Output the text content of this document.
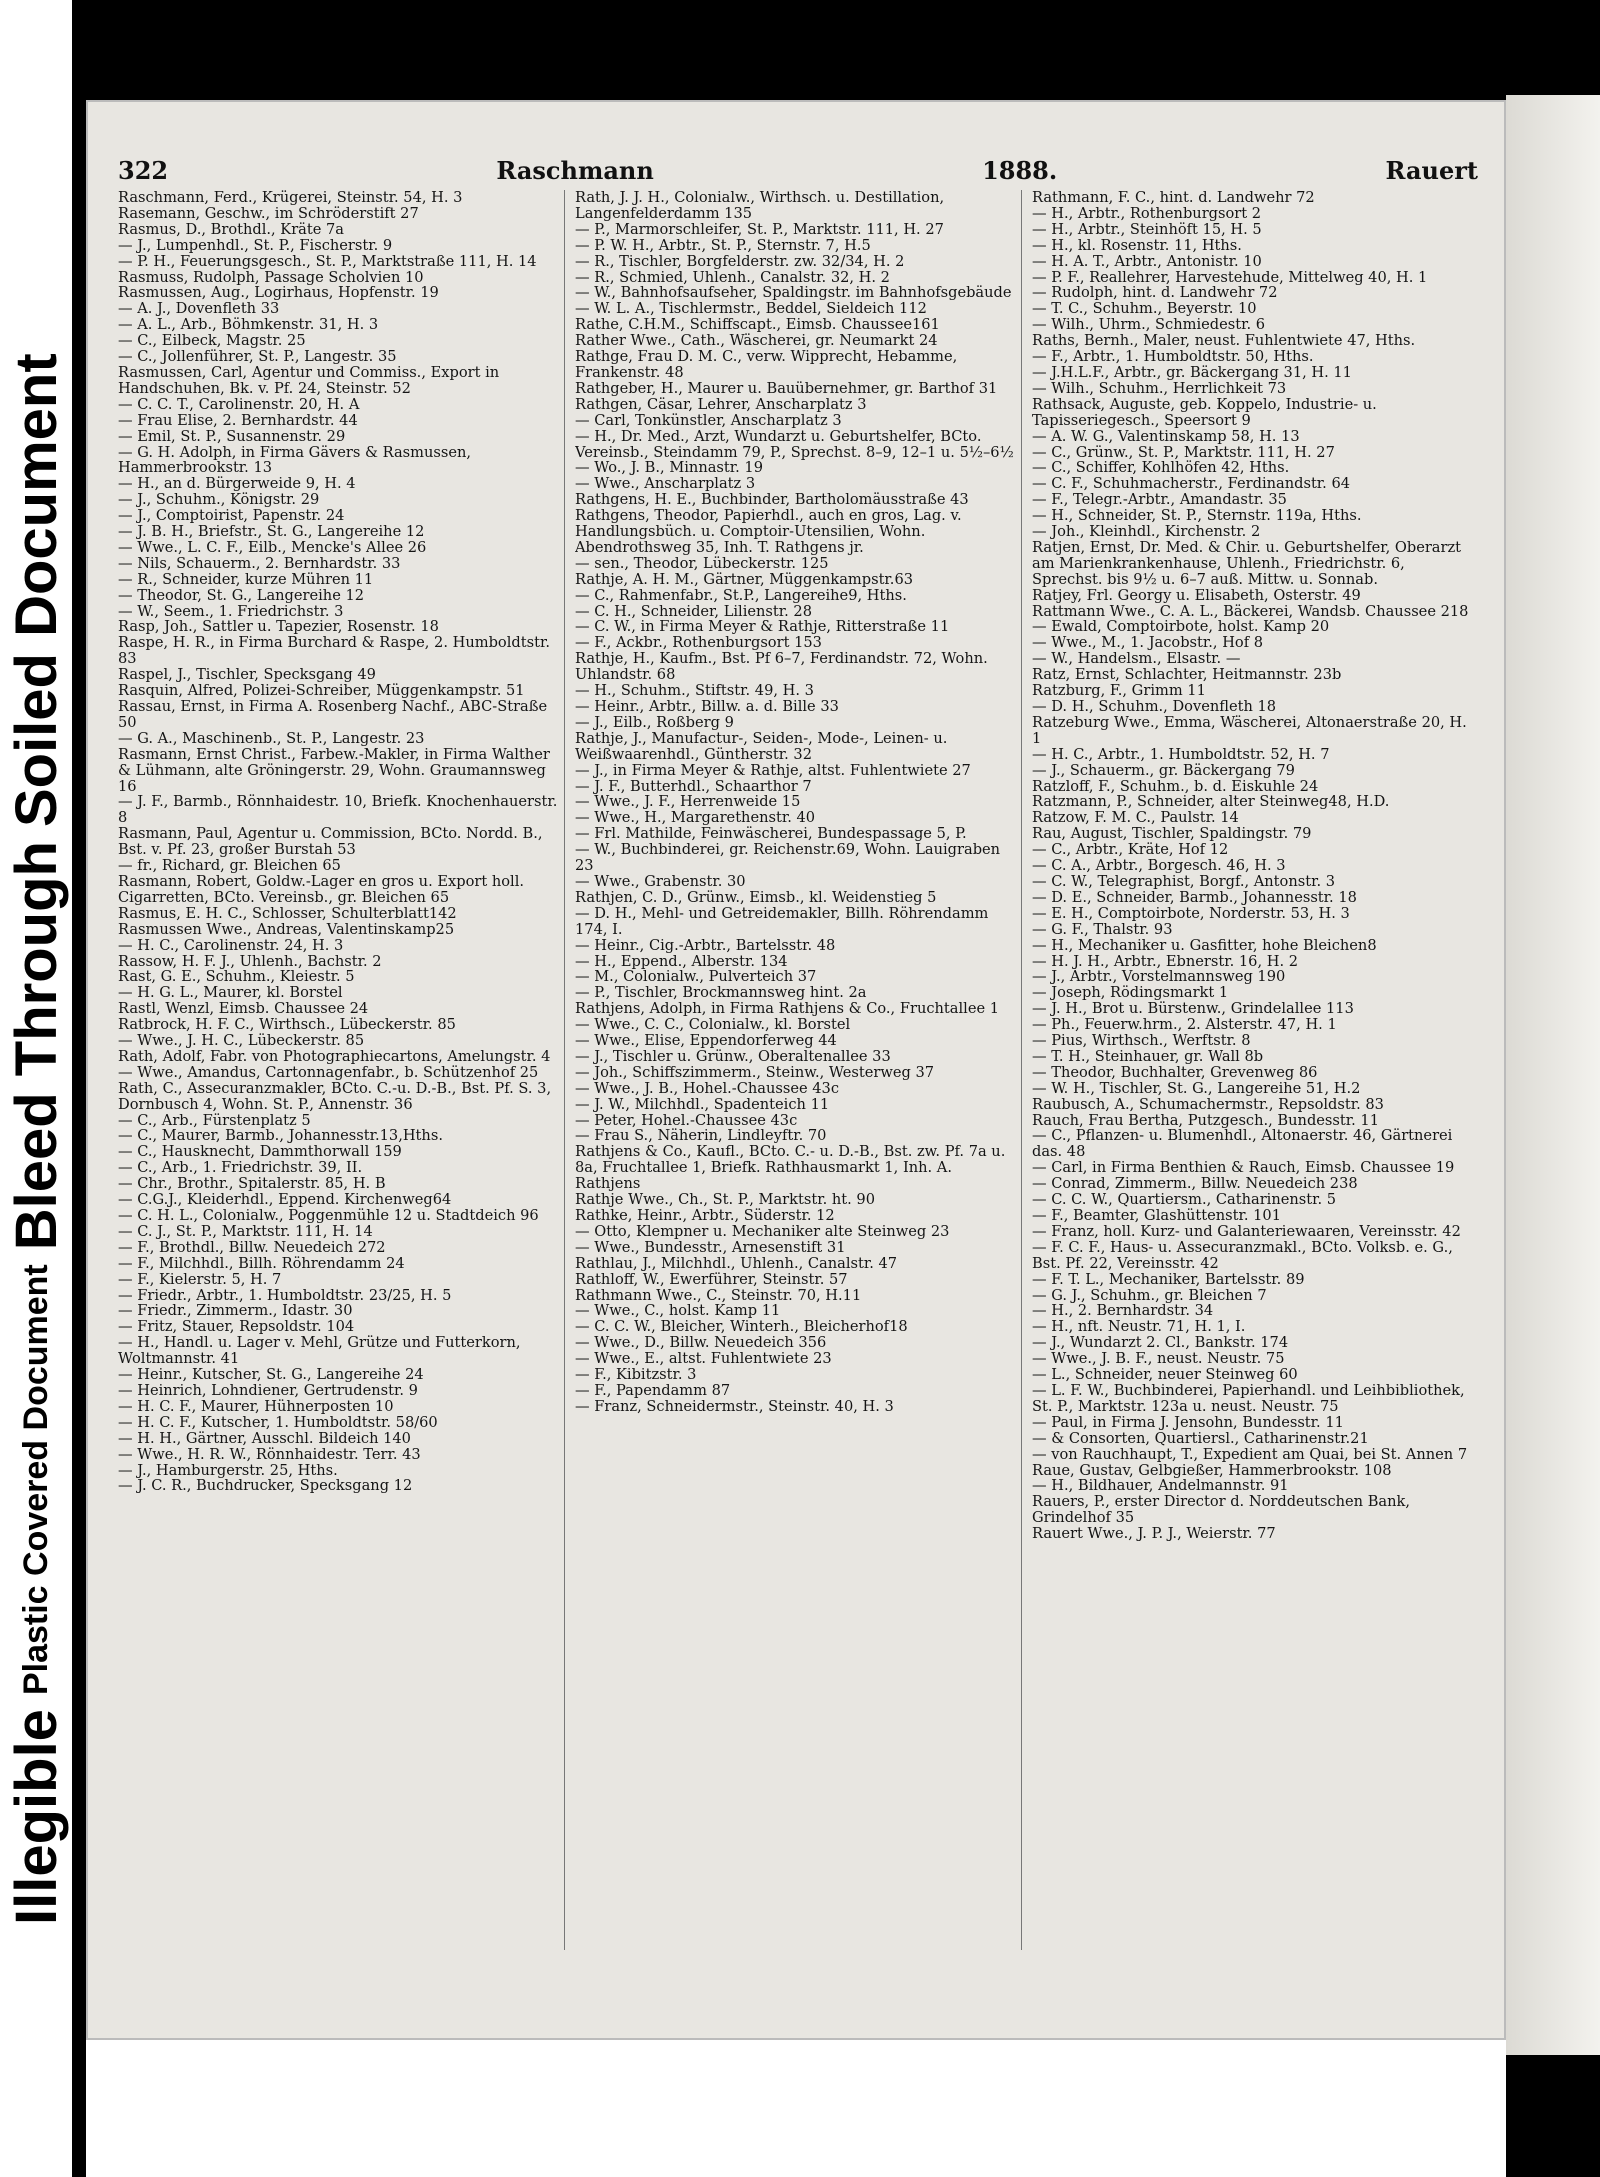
Illegible
Plastic Covered Document
Bleed Through
Soiled Document
322	Raschmann	1888.	Rauert

Raschmann, Ferd., Krügerei, Steinstr. 54, H. 3

Rasemann, Geschw., im Schröderstift 27

Rasmus, D., Brothdl., Kräte 7a

— J., Lumpenhdl., St. P., Fischerstr. 9

— P. H., Feuerungsgesch., St. P., Marktstraße 111, H. 14

Rasmuss, Rudolph, Passage Scholvien 10

Rasmussen, Aug., Logirhaus, Hopfenstr. 19

— A. J., Dovenfleth 33

— A. L., Arb., Böhmkenstr. 31, H. 3

— C., Eilbeck, Magstr. 25

— C., Jollenführer, St. P., Langestr. 35

Rasmussen, Carl, Agentur und Commiss., Export in Handschuhen, Bk. v. Pf. 24, Steinstr. 52

— C. C. T., Carolinenstr. 20, H. A

— Frau Elise, 2. Bernhardstr. 44

— Emil, St. P., Susannenstr. 29

— G. H. Adolph, in Firma Gävers & Rasmussen, Hammerbrookstr. 13

— H., an d. Bürgerweide 9, H. 4

— J., Schuhm., Königstr. 29

— J., Comptoirist, Papenstr. 24

— J. B. H., Briefstr., St. G., Langereihe 12

— Wwe., L. C. F., Eilb., Mencke's Allee 26

— Nils, Schauerm., 2. Bernhardstr. 33

— R., Schneider, kurze Mühren 11

— Theodor, St. G., Langereihe 12

— W., Seem., 1. Friedrichstr. 3

Rasp, Joh., Sattler u. Tapezier, Rosenstr. 18

Raspe, H. R., in Firma Burchard & Raspe, 2. Humboldtstr. 83

Raspel, J., Tischler, Specksgang 49

Rasquin, Alfred, Polizei-Schreiber, Müggenkampstr. 51

Rassau, Ernst, in Firma A. Rosenberg Nachf., ABC-Straße 50

— G. A., Maschinenb., St. P., Langestr. 23

Rasmann, Ernst Christ., Farbew.-Makler, in Firma Walther & Lühmann, alte Gröningerstr. 29, Wohn. Graumannsweg 16

— J. F., Barmb., Rönnhaidestr. 10, Briefk. Knochenhauerstr. 8

Rasmann, Paul, Agentur u. Commission, BCto. Nordd. B., Bst. v. Pf. 23, großer Burstah 53

— fr., Richard, gr. Bleichen 65

Rasmann, Robert, Goldw.-Lager en gros u. Export holl. Cigarretten, BCto. Vereinsb., gr. Bleichen 65

Rasmus, E. H. C., Schlosser, Schulterblatt142

Rasmussen Wwe., Andreas, Valentinskamp25

— H. C., Carolinenstr. 24, H. 3

Rassow, H. F. J., Uhlenh., Bachstr. 2

Rast, G. E., Schuhm., Kleiestr. 5

— H. G. L., Maurer, kl. Borstel

Rastl, Wenzl, Eimsb. Chaussee 24

Ratbrock, H. F. C., Wirthsch., Lübeckerstr. 85

— Wwe., J. H. C., Lübeckerstr. 85

Rath, Adolf, Fabr. von Photographiecartons, Amelungstr. 4

— Wwe., Amandus, Cartonnagenfabr., b. Schützenhof 25

Rath, C., Assecuranzmakler, BCto. C.-u. D.-B., Bst. Pf. S. 3, Dornbusch 4, Wohn. St. P., Annenstr. 36

— C., Arb., Fürstenplatz 5

— C., Maurer, Barmb., Johannesstr.13,Hths.

— C., Hausknecht, Dammthorwall 159

— C., Arb., 1. Friedrichstr. 39, II.

— Chr., Brothr., Spitalerstr. 85, H. B

— C.G.J., Kleiderhdl., Eppend. Kirchenweg64

— C. H. L., Colonialw., Poggenmühle 12 u. Stadtdeich 96

— C. J., St. P., Marktstr. 111, H. 14

— F., Brothdl., Billw. Neuedeich 272

— F., Milchhdl., Billh. Röhrendamm 24

— F., Kielerstr. 5, H. 7

— Friedr., Arbtr., 1. Humboldtstr. 23/25, H. 5

— Friedr., Zimmerm., Idastr. 30

— Fritz, Stauer, Repsoldstr. 104

— H., Handl. u. Lager v. Mehl, Grütze und Futterkorn, Woltmannstr. 41

— Heinr., Kutscher, St. G., Langereihe 24

— Heinrich, Lohndiener, Gertrudenstr. 9

— H. C. F., Maurer, Hühnerposten 10

— H. C. F., Kutscher, 1. Humboldtstr. 58/60

— H. H., Gärtner, Ausschl. Bildeich 140

— Wwe., H. R. W., Rönnhaidestr. Terr. 43

— J., Hamburgerstr. 25, Hths.

— J. C. R., Buchdrucker, Specksgang 12

Rath, J. J. H., Colonialw., Wirthsch. u. Destillation, Langenfelderdamm 135

— P., Marmorschleifer, St. P., Marktstr. 111, H. 27

— P. W. H., Arbtr., St. P., Sternstr. 7, H.5

— R., Tischler, Borgfelderstr. zw. 32/34, H. 2

— R., Schmied, Uhlenh., Canalstr. 32, H. 2

— W., Bahnhofsaufseher, Spaldingstr. im Bahnhofsgebäude

— W. L. A., Tischlermstr., Beddel, Sieldeich 112

Rathe, C.H.M., Schiffscapt., Eimsb. Chaussee161

Rather Wwe., Cath., Wäscherei, gr. Neumarkt 24

Rathge, Frau D. M. C., verw. Wipprecht, Hebamme, Frankenstr. 48

Rathgeber, H., Maurer u. Bauübernehmer, gr. Barthof 31

Rathgen, Cäsar, Lehrer, Anscharplatz 3

— Carl, Tonkünstler, Anscharplatz 3

— H., Dr. Med., Arzt, Wundarzt u. Geburtshelfer, BCto. Vereinsb., Steindamm 79, P., Sprechst. 8–9, 12–1 u. 5½–6½

— Wo., J. B., Minnastr. 19

— Wwe., Anscharplatz 3

Rathgens, H. E., Buchbinder, Bartholomäusstraße 43

Rathgens, Theodor, Papierhdl., auch en gros, Lag. v. Handlungsbüch. u. Comptoir-Utensilien, Wohn. Abendrothsweg 35, Inh. T. Rathgens jr.

— sen., Theodor, Lübeckerstr. 125

Rathje, A. H. M., Gärtner, Müggenkampstr.63

— C., Rahmenfabr., St.P., Langereihe9, Hths.

— C. H., Schneider, Lilienstr. 28

— C. W., in Firma Meyer & Rathje, Ritterstraße 11

— F., Ackbr., Rothenburgsort 153

Rathje, H., Kaufm., Bst. Pf 6–7, Ferdinandstr. 72, Wohn. Uhlandstr. 68

— H., Schuhm., Stiftstr. 49, H. 3

— Heinr., Arbtr., Billw. a. d. Bille 33

— J., Eilb., Roßberg 9

Rathje, J., Manufactur-, Seiden-, Mode-, Leinen- u. Weißwaarenhdl., Güntherstr. 32

— J., in Firma Meyer & Rathje, altst. Fuhlentwiete 27

— J. F., Butterhdl., Schaarthor 7

— Wwe., J. F., Herrenweide 15

— Wwe., H., Margarethenstr. 40

— Frl. Mathilde, Feinwäscherei, Bundespassage 5, P.

— W., Buchbinderei, gr. Reichenstr.69, Wohn. Lauigraben 23

— Wwe., Grabenstr. 30

Rathjen, C. D., Grünw., Eimsb., kl. Weidenstieg 5

— D. H., Mehl- und Getreidemakler, Billh. Röhrendamm 174, I.

— Heinr., Cig.-Arbtr., Bartelsstr. 48

— H., Eppend., Alberstr. 134

— M., Colonialw., Pulverteich 37

— P., Tischler, Brockmannsweg hint. 2a

Rathjens, Adolph, in Firma Rathjens & Co., Fruchtallee 1

— Wwe., C. C., Colonialw., kl. Borstel

— Wwe., Elise, Eppendorferweg 44

— J., Tischler u. Grünw., Oberaltenallee 33

— Joh., Schiffszimmerm., Steinw., Westerweg 37

— Wwe., J. B., Hohel.-Chaussee 43c

— J. W., Milchhdl., Spadenteich 11

— Peter, Hohel.-Chaussee 43c

— Frau S., Näherin, Lindleyftr. 70

Rathjens & Co., Kaufl., BCto. C.- u. D.-B., Bst. zw. Pf. 7a u. 8a, Fruchtallee 1, Briefk. Rathhausmarkt 1, Inh. A. Rathjens

Rathje Wwe., Ch., St. P., Marktstr. ht. 90

Rathke, Heinr., Arbtr., Süderstr. 12

— Otto, Klempner u. Mechaniker alte Steinweg 23

— Wwe., Bundesstr., Arnesenstift 31

Rathlau, J., Milchhdl., Uhlenh., Canalstr. 47

Rathloff, W., Ewerführer, Steinstr. 57

Rathmann Wwe., C., Steinstr. 70, H.11

— Wwe., C., holst. Kamp 11

— C. C. W., Bleicher, Winterh., Bleicherhof18

— Wwe., D., Billw. Neuedeich 356

— Wwe., E., altst. Fuhlentwiete 23

— F., Kibitzstr. 3

— F., Papendamm 87

— Franz, Schneidermstr., Steinstr. 40, H. 3

Rathmann, F. C., hint. d. Landwehr 72

— H., Arbtr., Rothenburgsort 2

— H., Arbtr., Steinhöft 15, H. 5

— H., kl. Rosenstr. 11, Hths.

— H. A. T., Arbtr., Antonistr. 10

— P. F., Reallehrer, Harvestehude, Mittelweg 40, H. 1

— Rudolph, hint. d. Landwehr 72

— T. C., Schuhm., Beyerstr. 10

— Wilh., Uhrm., Schmiedestr. 6

Raths, Bernh., Maler, neust. Fuhlentwiete 47, Hths.

— F., Arbtr., 1. Humboldtstr. 50, Hths.

— J.H.L.F., Arbtr., gr. Bäckergang 31, H. 11

— Wilh., Schuhm., Herrlichkeit 73

Rathsack, Auguste, geb. Koppelo, Industrie- u. Tapisseriegesch., Speersort 9

— A. W. G., Valentinskamp 58, H. 13

— C., Grünw., St. P., Marktstr. 111, H. 27

— C., Schiffer, Kohlhöfen 42, Hths.

— C. F., Schuhmacherstr., Ferdinandstr. 64

— F., Telegr.-Arbtr., Amandastr. 35

— H., Schneider, St. P., Sternstr. 119a, Hths.

— Joh., Kleinhdl., Kirchenstr. 2

Ratjen, Ernst, Dr. Med. & Chir. u. Geburtshelfer, Oberarzt am Marienkrankenhause, Uhlenh., Friedrichstr. 6, Sprechst. bis 9½ u. 6–7 auß. Mittw. u. Sonnab.

Ratjey, Frl. Georgy u. Elisabeth, Osterstr. 49

Rattmann Wwe., C. A. L., Bäckerei, Wandsb. Chaussee 218

— Ewald, Comptoirbote, holst. Kamp 20

— Wwe., M., 1. Jacobstr., Hof 8

— W., Handelsm., Elsastr. —

Ratz, Ernst, Schlachter, Heitmannstr. 23b

Ratzburg, F., Grimm 11

— D. H., Schuhm., Dovenfleth 18

Ratzeburg Wwe., Emma, Wäscherei, Altonaerstraße 20, H. 1

— H. C., Arbtr., 1. Humboldtstr. 52, H. 7

— J., Schauerm., gr. Bäckergang 79

Ratzloff, F., Schuhm., b. d. Eiskuhle 24

Ratzmann, P., Schneider, alter Steinweg48, H.D.

Ratzow, F. M. C., Paulstr. 14

Rau, August, Tischler, Spaldingstr. 79

— C., Arbtr., Kräte, Hof 12

— C. A., Arbtr., Borgesch. 46, H. 3

— C. W., Telegraphist, Borgf., Antonstr. 3

— D. E., Schneider, Barmb., Johannesstr. 18

— E. H., Comptoirbote, Norderstr. 53, H. 3

— G. F., Thalstr. 93

— H., Mechaniker u. Gasfitter, hohe Bleichen8

— H. J. H., Arbtr., Ebnerstr. 16, H. 2

— J., Arbtr., Vorstelmannsweg 190

— Joseph, Rödingsmarkt 1

— J. H., Brot u. Bürstenw., Grindelallee 113

— Ph., Feuerw.hrm., 2. Alsterstr. 47, H. 1

— Pius, Wirthsch., Werftstr. 8

— T. H., Steinhauer, gr. Wall 8b

— Theodor, Buchhalter, Grevenweg 86

— W. H., Tischler, St. G., Langereihe 51, H.2

Raubusch, A., Schumachermstr., Repsoldstr. 83

Rauch, Frau Bertha, Putzgesch., Bundesstr. 11

— C., Pflanzen- u. Blumenhdl., Altonaerstr. 46, Gärtnerei das. 48

— Carl, in Firma Benthien & Rauch, Eimsb. Chaussee 19

— Conrad, Zimmerm., Billw. Neuedeich 238

— C. C. W., Quartiersm., Catharinenstr. 5

— F., Beamter, Glashüttenstr. 101

— Franz, holl. Kurz- und Galanteriewaaren, Vereinsstr. 42

— F. C. F., Haus- u. Assecuranzmakl., BCto. Volksb. e. G., Bst. Pf. 22, Vereinsstr. 42

— F. T. L., Mechaniker, Bartelsstr. 89

— G. J., Schuhm., gr. Bleichen 7

— H., 2. Bernhardstr. 34

— H., nft. Neustr. 71, H. 1, I.

— J., Wundarzt 2. Cl., Bankstr. 174

— Wwe., J. B. F., neust. Neustr. 75

— L., Schneider, neuer Steinweg 60

— L. F. W., Buchbinderei, Papierhandl. und Leihbibliothek, St. P., Marktstr. 123a u. neust. Neustr. 75

— Paul, in Firma J. Jensohn, Bundesstr. 11

— & Consorten, Quartiersl., Catharinenstr.21

— von Rauchhaupt, T., Expedient am Quai, bei St. Annen 7

Raue, Gustav, Gelbgießer, Hammerbrookstr. 108

— H., Bildhauer, Andelmannstr. 91

Rauers, P., erster Director d. Norddeutschen Bank, Grindelhof 35

Rauert Wwe., J. P. J., Weierstr. 77
